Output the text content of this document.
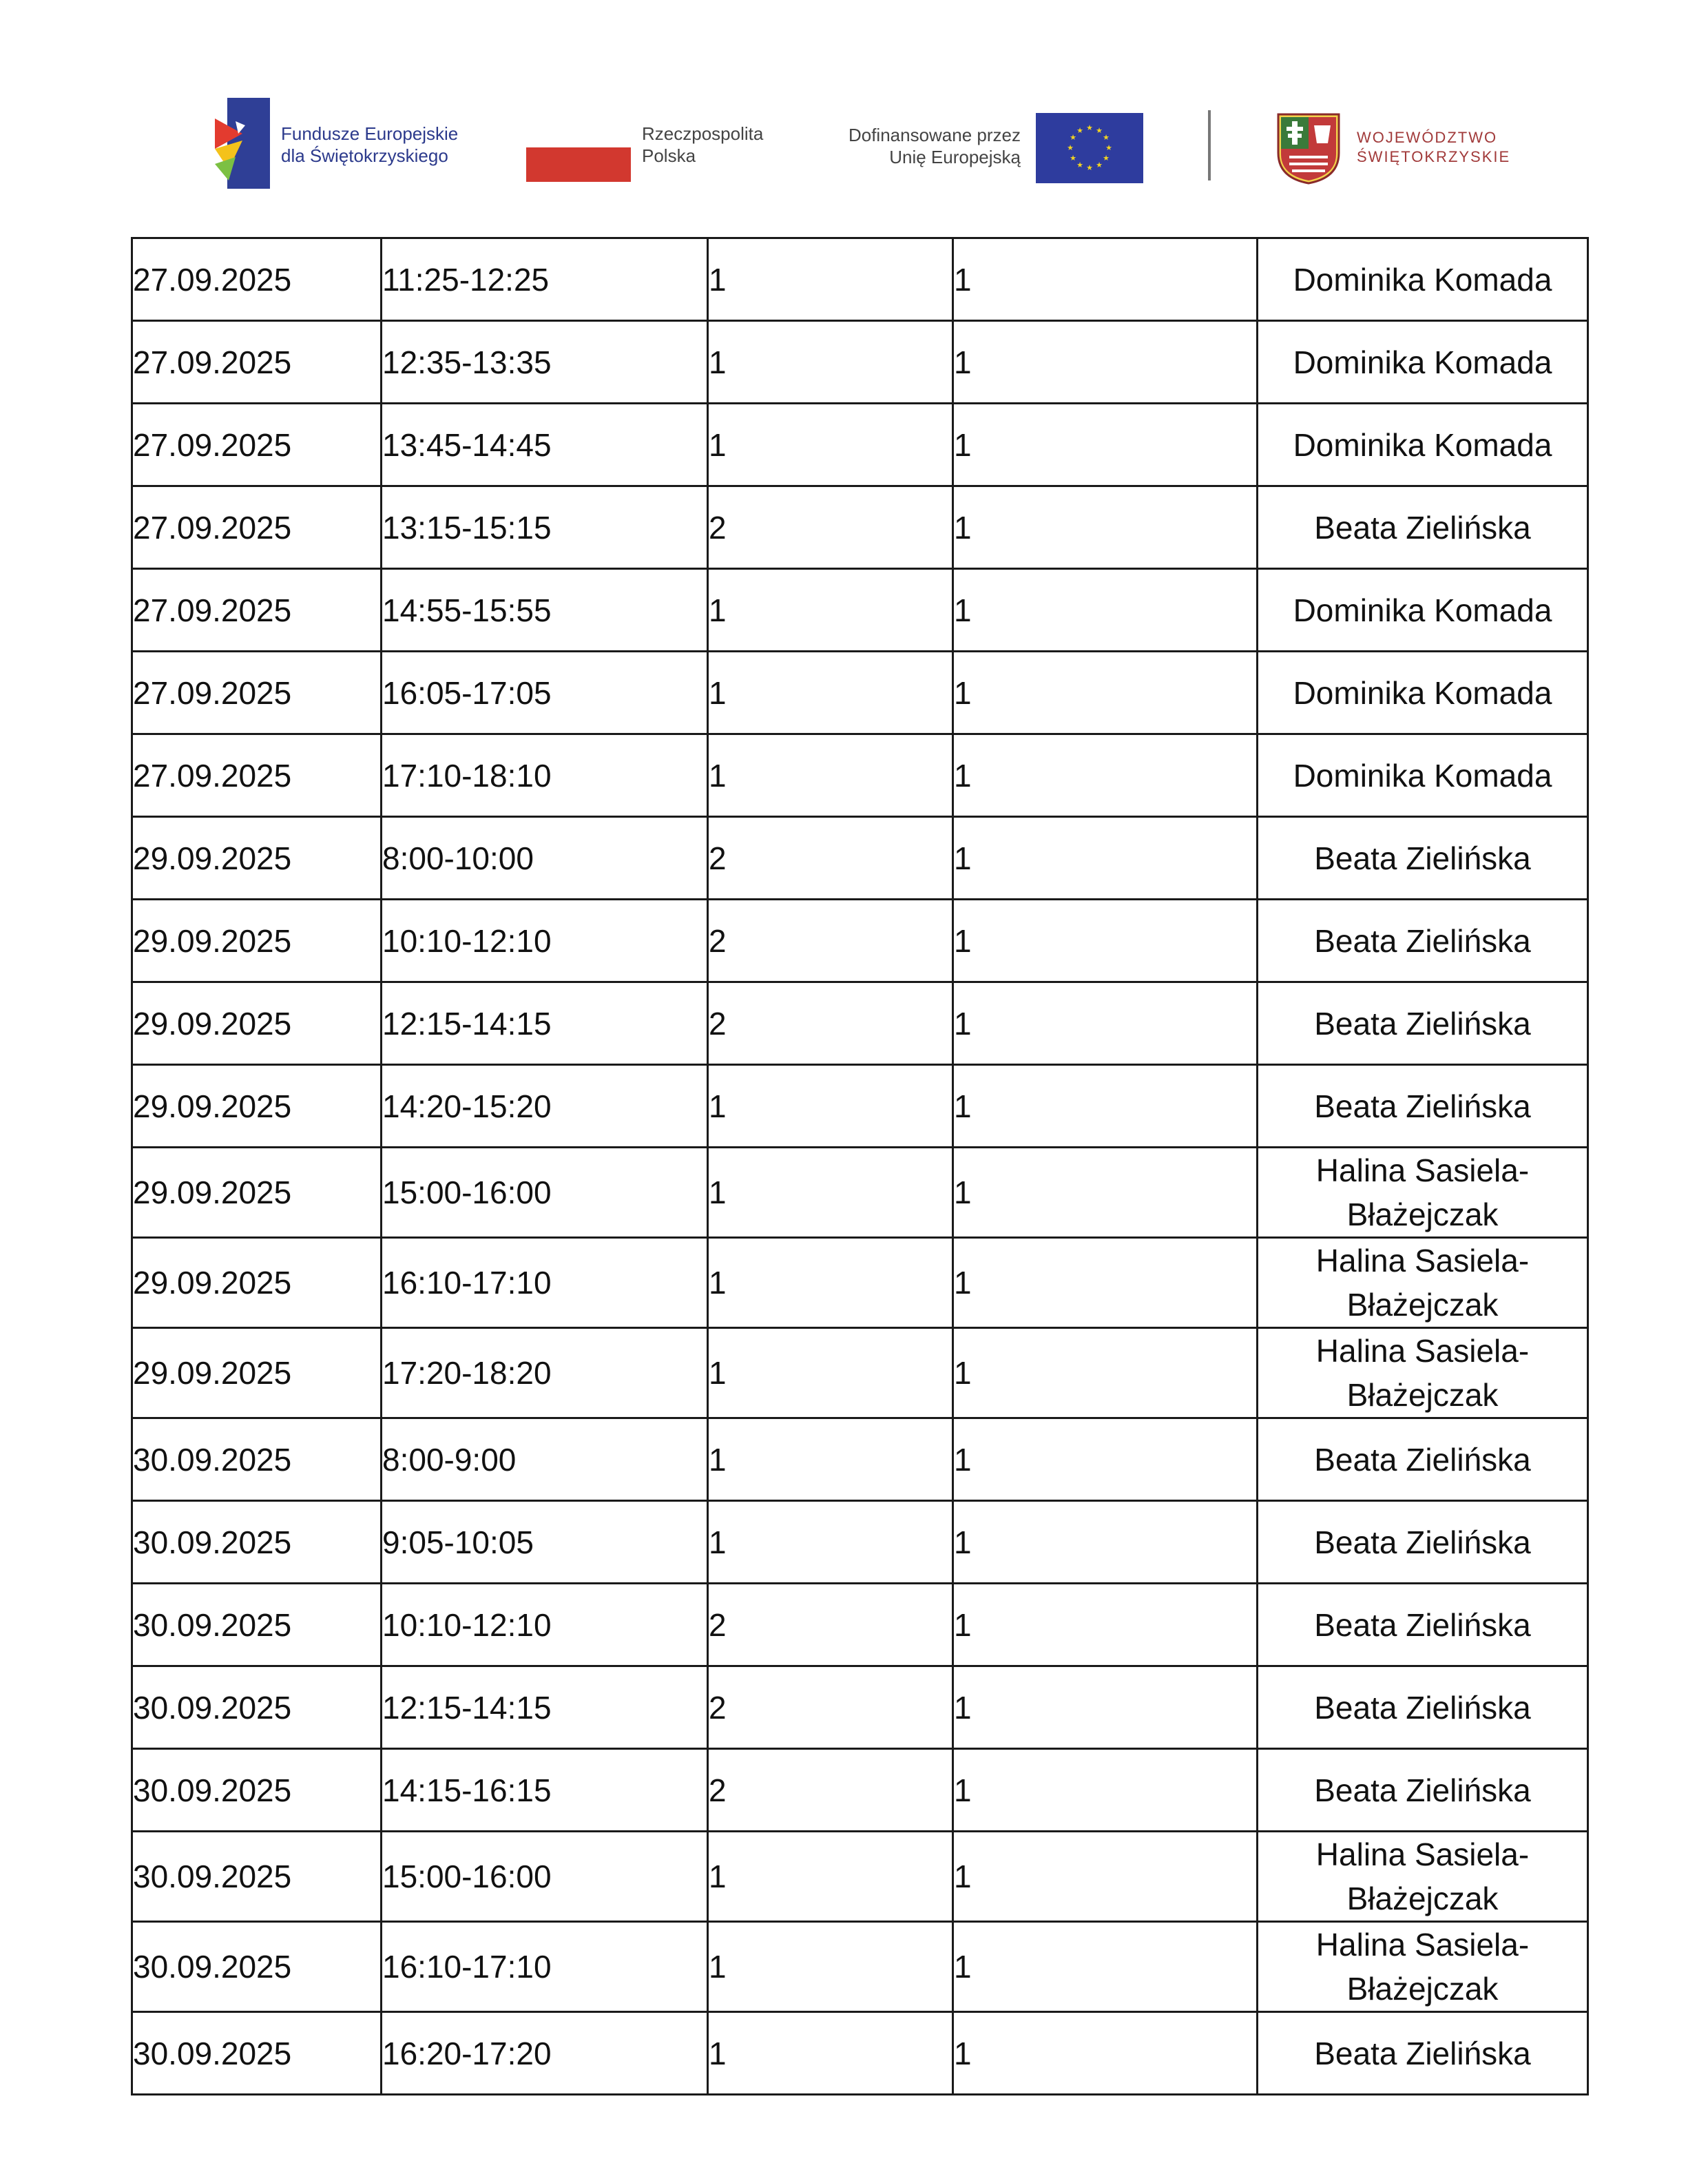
Fundusze Europejskie
dla Świętokrzyskiego
Rzeczpospolita
Polska
Dofinansowane przez
Unię Europejską
★ ★
★
★
★
★
★
★
★
★
★
★	WOJEWÓDZTWO
ŚWIĘTOKRZYSKIE
27.09.2025	11:25-12:25	1	1	Dominika Komada

27.09.2025	12:35-13:35	1	1	Dominika Komada

27.09.2025	13:45-14:45	1	1	Dominika Komada

27.09.2025	13:15-15:15	2	1	Beata Zielińska

27.09.2025	14:55-15:55	1	1	Dominika Komada

27.09.2025	16:05-17:05	1	1	Dominika Komada

27.09.2025	17:10-18:10	1	1	Dominika Komada

29.09.2025	8:00-10:00	2	1	Beata Zielińska

29.09.2025	10:10-12:10	2	1	Beata Zielińska

29.09.2025	12:15-14:15	2	1	Beata Zielińska

29.09.2025	14:20-15:20	1	1	Beata Zielińska

29.09.2025	15:00-16:00	1	1	Halina Sasiela-
Błażejczak

29.09.2025	16:10-17:10	1	1	Halina Sasiela-
Błażejczak

29.09.2025	17:20-18:20	1	1	Halina Sasiela-
Błażejczak

30.09.2025	8:00-9:00	1	1	Beata Zielińska

30.09.2025	9:05-10:05	1	1	Beata Zielińska

30.09.2025	10:10-12:10	2	1	Beata Zielińska

30.09.2025	12:15-14:15	2	1	Beata Zielińska

30.09.2025	14:15-16:15	2	1	Beata Zielińska

30.09.2025	15:00-16:00	1	1	Halina Sasiela-
Błażejczak

30.09.2025	16:10-17:10	1	1	Halina Sasiela-
Błażejczak

30.09.2025	16:20-17:20	1	1	Beata Zielińska
